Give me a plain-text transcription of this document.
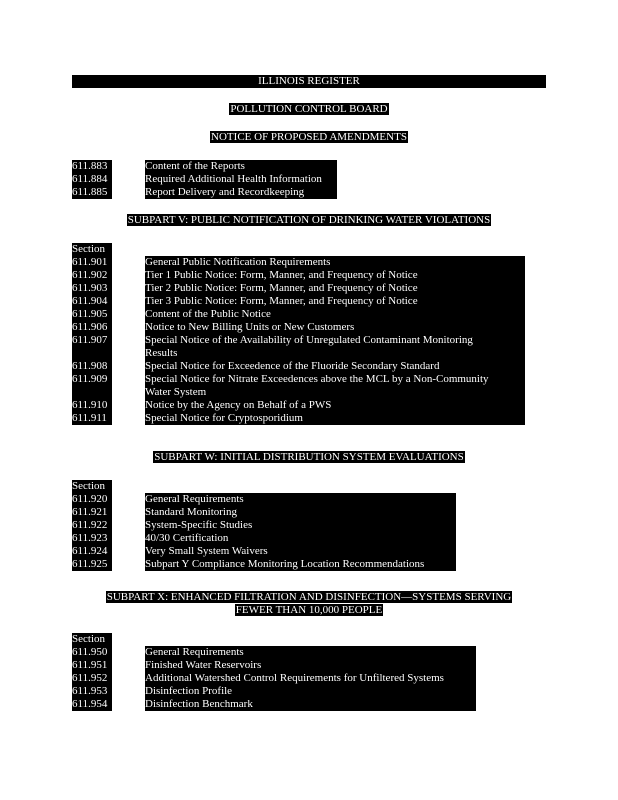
ILLINOIS REGISTER
POLLUTION CONTROL BOARD
NOTICE OF PROPOSED AMENDMENTS
611.883	Content of the Reports
611.884	Required Additional Health Information
611.885	Report Delivery and Recordkeeping
SUBPART V: PUBLIC NOTIFICATION OF DRINKING WATER VIOLATIONS
Section
611.901	General Public Notification Requirements
611.902	Tier 1 Public Notice: Form, Manner, and Frequency of Notice
611.903	Tier 2 Public Notice: Form, Manner, and Frequency of Notice
611.904	Tier 3 Public Notice: Form, Manner, and Frequency of Notice
611.905	Content of the Public Notice
611.906	Notice to New Billing Units or New Customers
611.907	Special Notice of the Availability of Unregulated Contaminant Monitoring
Results
611.908	Special Notice for Exceedence of the Fluoride Secondary Standard
611.909	Special Notice for Nitrate Exceedences above the MCL by a Non-Community
Water System
611.910	Notice by the Agency on Behalf of a PWS
611.911	Special Notice for Cryptosporidium
SUBPART W: INITIAL DISTRIBUTION SYSTEM EVALUATIONS
Section
611.920	General Requirements
611.921	Standard Monitoring
611.922	System-Specific Studies
611.923	40/30 Certification
611.924	Very Small System Waivers
611.925	Subpart Y Compliance Monitoring Location Recommendations
SUBPART X: ENHANCED FILTRATION AND DISINFECTION—SYSTEMS SERVING
FEWER THAN 10,000 PEOPLE
Section
611.950	General Requirements
611.951	Finished Water Reservoirs
611.952	Additional Watershed Control Requirements for Unfiltered Systems
611.953	Disinfection Profile
611.954	Disinfection Benchmark
